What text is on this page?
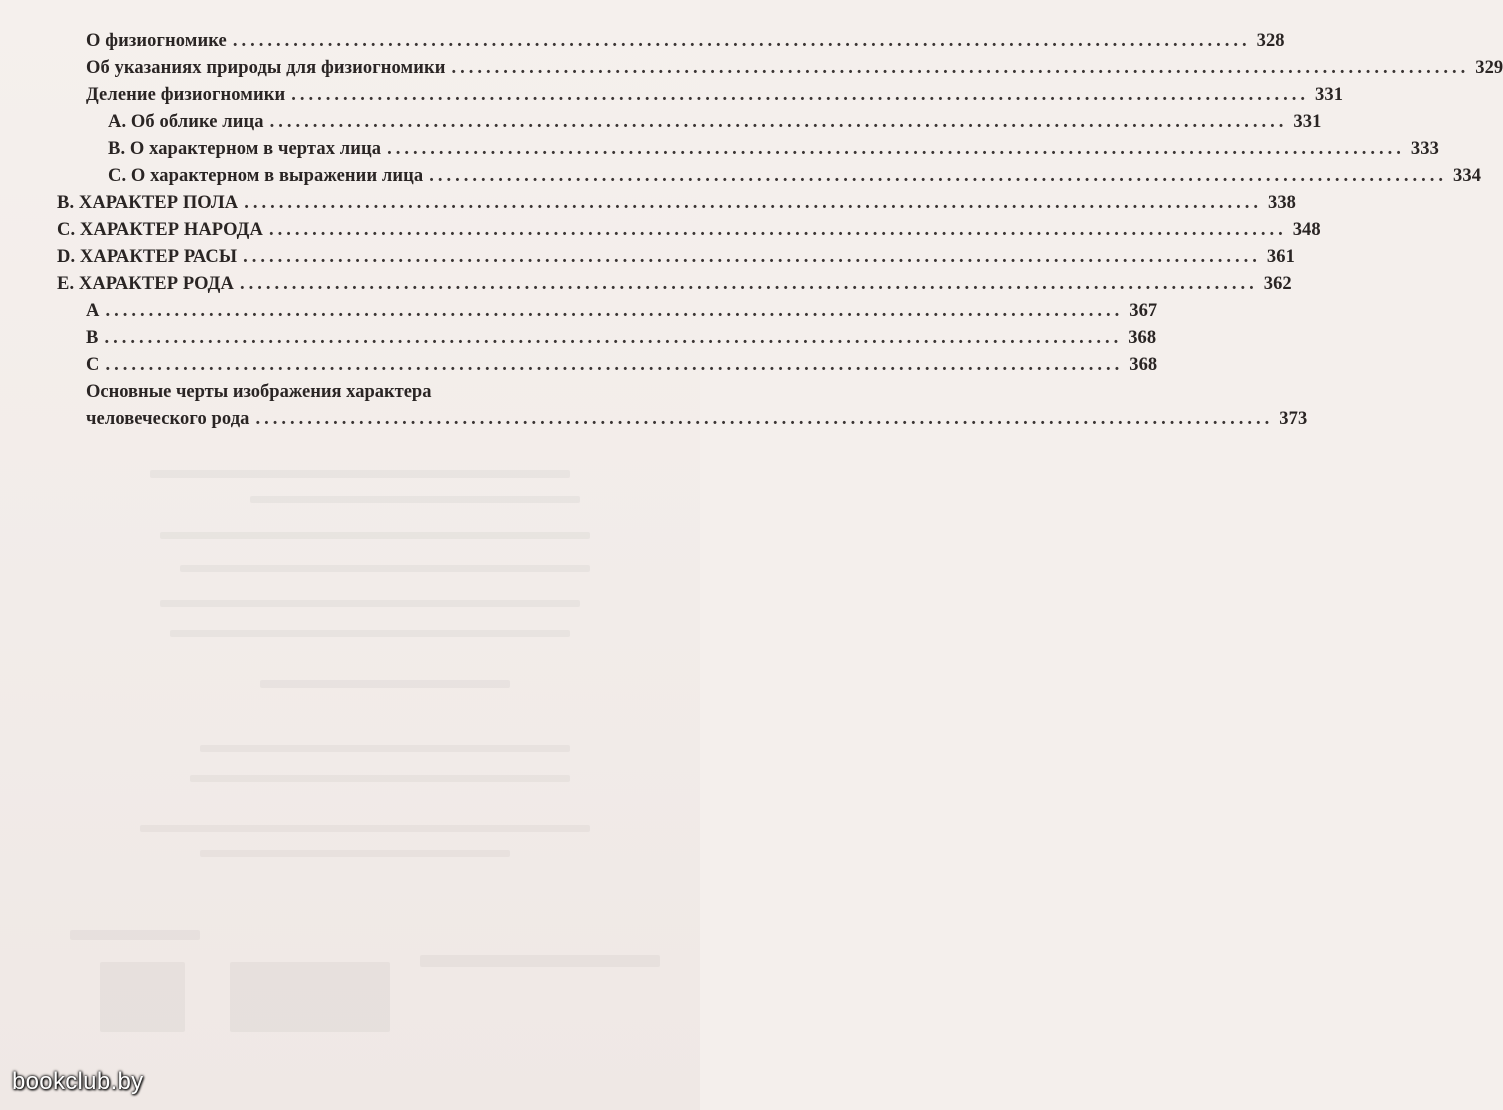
О физиогномике ...................................................................................................................... 328
Об указаниях природы для физиогномики ...................................................................................................................... 329
Деление физиогномики ...................................................................................................................... 331
А. Об облике лица ...................................................................................................................... 331
В. О характерном в чертах лица ...................................................................................................................... 333
С. О характерном в выражении лица ...................................................................................................................... 334
В. ХАРАКТЕР ПОЛА ...................................................................................................................... 338
С. ХАРАКТЕР НАРОДА ...................................................................................................................... 348
D. ХАРАКТЕР РАСЫ ...................................................................................................................... 361
Е. ХАРАКТЕР РОДА ...................................................................................................................... 362
А ...................................................................................................................... 367
В ...................................................................................................................... 368
С ...................................................................................................................... 368
Основные черты изображения характера
человеческого рода ...................................................................................................................... 373
bookclub.by
